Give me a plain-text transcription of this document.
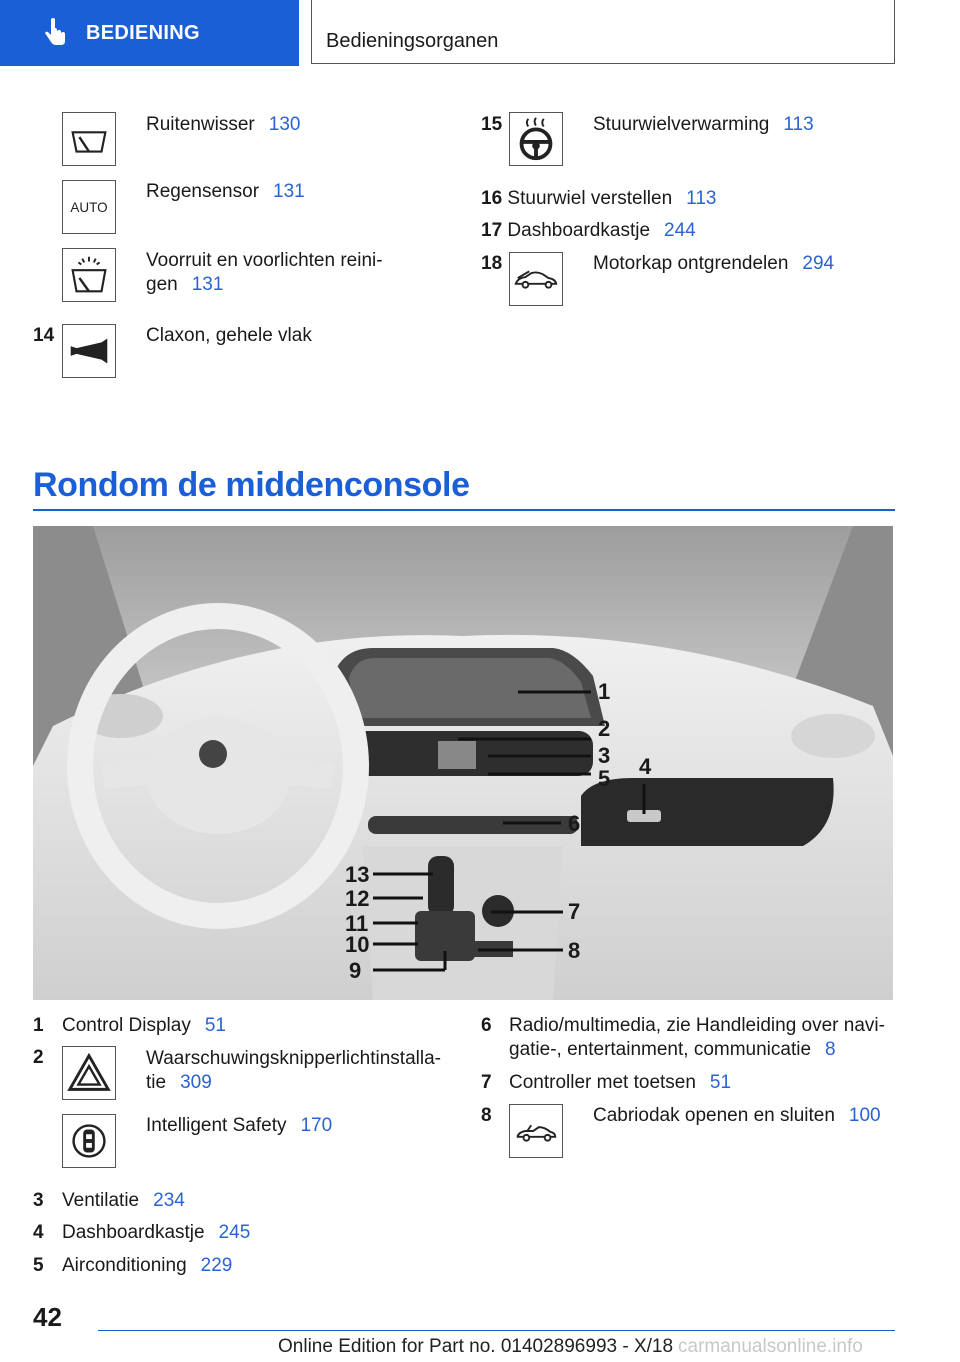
BEDIENING	Bedieningsorganen
Ruitenwisser 130
AUTO
Regensensor 131
Voorruit en voorlichten reini-
gen 131
14	Claxon, gehele vlak
15	Stuurwielverwarming 113
16 Stuurwiel verstellen 113
17 Dashboardkastje 244
18	Motorkap ontgrendelen 294
Rondom de middenconsole
1
2
3
5 4
6
13
12
11
10
9
7
8
1 Control Display 51
2	Waarschuwingsknipperlichtinstalla-
tie 309
Intelligent Safety 170
3 Ventilatie 234
4 Dashboardkastje 245
5 Airconditioning 229
6 Radio/multimedia, zie Handleiding over navi-
gatie-, entertainment, communicatie 8
7 Controller met toetsen 51
8	Cabriodak openen en sluiten 100
42
Online Edition for Part no. 01402896993 - X/18 carmanualsonline.info
